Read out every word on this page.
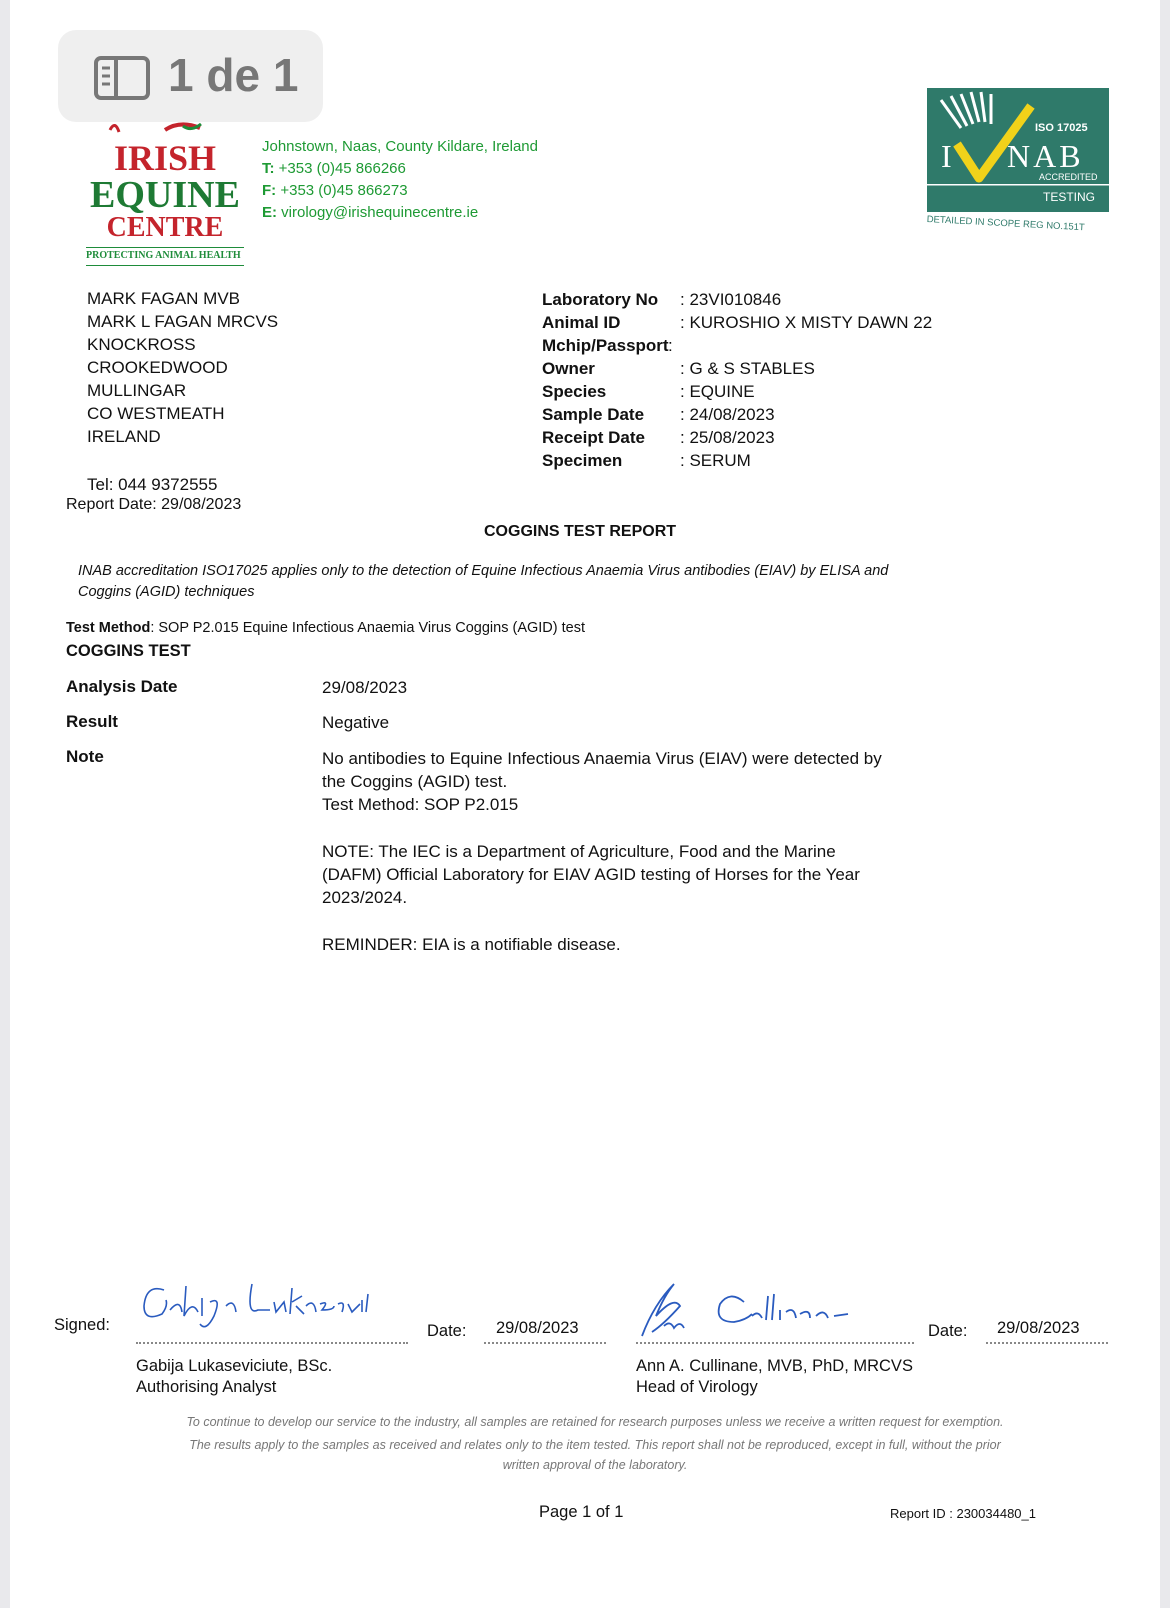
IRISH
EQUINE
CENTRE
PROTECTING ANIMAL HEALTH
Johnstown, Naas, County Kildare, Ireland
T: +353 (0)45 866266
F: +353 (0)45 866273
E: virology@irishequinecentre.ie
ISO 17025
I NAB
ACCREDITED
TESTING
DETAILED IN SCOPE REG NO.151T
MARK FAGAN MVB
MARK L FAGAN MRCVS
KNOCKROSS
CROOKEDWOOD
MULLINGAR
CO WESTMEATH
IRELAND
Tel: 044 9372555
Report Date: 29/08/2023
Laboratory No : 23VI010846
Animal ID	: KUROSHIO X MISTY DAWN 22
Mchip/Passport :
Owner	: G & S STABLES
Species	: EQUINE
Sample Date : 24/08/2023
Receipt Date : 25/08/2023
Specimen	: SERUM
COGGINS TEST REPORT
INAB accreditation ISO17025 applies only to the detection of Equine Infectious Anaemia Virus antibodies (EIAV) by ELISA and
Coggins (AGID) techniques
Test Method: SOP P2.015 Equine Infectious Anaemia Virus Coggins (AGID) test
COGGINS TEST
Analysis Date	29/08/2023
Result	Negative
Note	No antibodies to Equine Infectious Anaemia Virus (EIAV) were detected by
the Coggins (AGID) test.
Test Method: SOP P2.015
NOTE: The IEC is a Department of Agriculture, Food and the Marine
(DAFM) Official Laboratory for EIAV AGID testing of Horses for the Year
2023/2024.
REMINDER: EIA is a notifiable disease.
Signed:	Date: 29/08/2023
Gabija Lukaseviciute, BSc.
Authorising Analyst
Date: 29/08/2023
Ann A. Cullinane, MVB, PhD, MRCVS
Head of Virology
To continue to develop our service to the industry, all samples are retained for research purposes unless we receive a written request for exemption.
The results apply to the samples as received and relates only to the item tested. This report shall not be reproduced, except in full, without the prior
written approval of the laboratory.
Page 1 of 1	Report ID : 230034480_1
1 de 1
